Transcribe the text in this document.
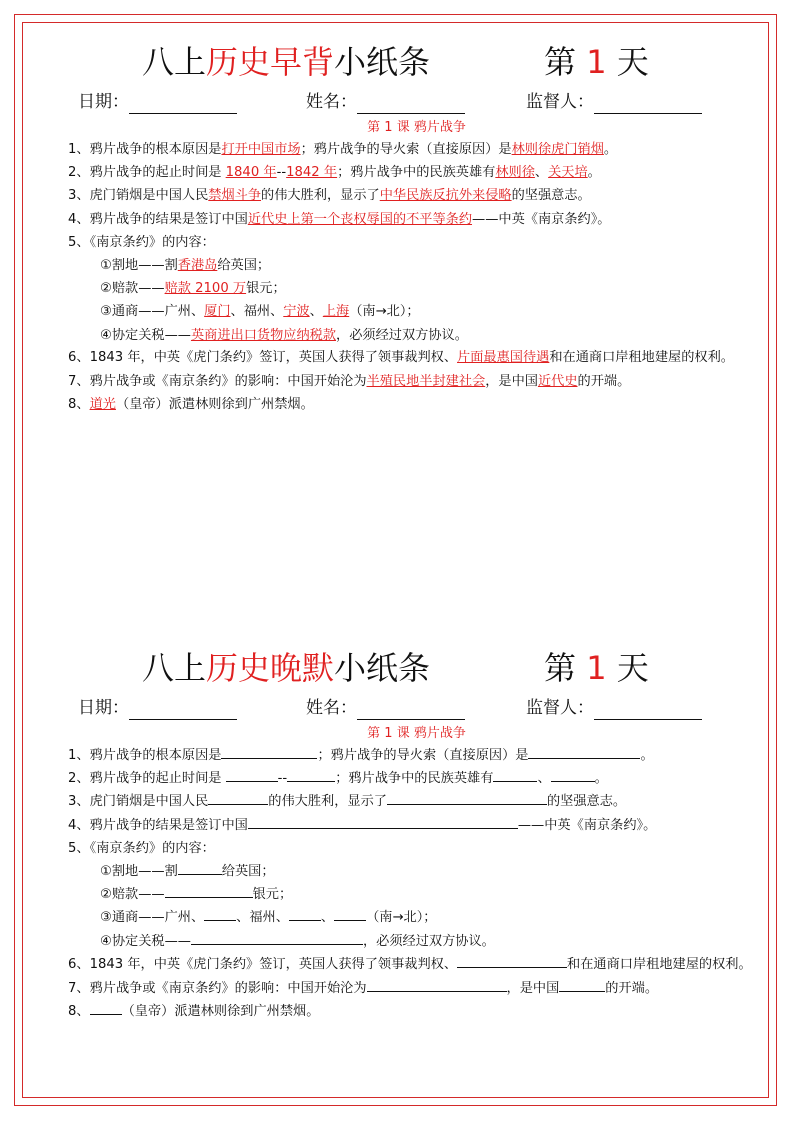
八上历史早背小纸条	第 1 天
日期：	姓名：	监督人：
第 1 课 鸦片战争
1、鸦片战争的根本原因是打开中国市场；鸦片战争的导火索（直接原因）是林则徐虎门销烟。
2、鸦片战争的起止时间是 1840 年--1842 年；鸦片战争中的民族英雄有林则徐、关天培。
3、虎门销烟是中国人民禁烟斗争的伟大胜利，显示了中华民族反抗外来侵略的坚强意志。
4、鸦片战争的结果是签订中国近代史上第一个丧权辱国的不平等条约——中英《南京条约》。
5、《南京条约》的内容：
①割地——割香港岛给英国；
②赔款——赔款 2100 万银元；
③通商——广州、厦门、福州、宁波、上海（南→北）；
④协定关税——英商进出口货物应纳税款，必须经过双方协议。
6、1843 年，中英《虎门条约》签订，英国人获得了领事裁判权、片面最惠国待遇和在通商口岸租地建屋的权利。
7、鸦片战争或《南京条约》的影响：中国开始沦为半殖民地半封建社会，是中国近代史的开端。
8、道光（皇帝）派遣林则徐到广州禁烟。
八上历史晚默小纸条	第 1 天
日期：	姓名：	监督人：
第 1 课 鸦片战争
1、鸦片战争的根本原因是	；鸦片战争的导火索（直接原因）是	。
2、鸦片战争的起止时间是	--	；鸦片战争中的民族英雄有	、	。
3、虎门销烟是中国人民	的伟大胜利，显示了	的坚强意志。
4、鸦片战争的结果是签订中国	——中英《南京条约》。
5、《南京条约》的内容：
①割地——割	给英国；
②赔款——	银元；
③通商——广州、 、福州、 、 （南→北）；
④协定关税——	，必须经过双方协议。
6、1843 年，中英《虎门条约》签订，英国人获得了领事裁判权、	和在通商口岸租地建屋的权利。
7、鸦片战争或《南京条约》的影响：中国开始沦为	，是中国	的开端。
8、 （皇帝）派遣林则徐到广州禁烟。
